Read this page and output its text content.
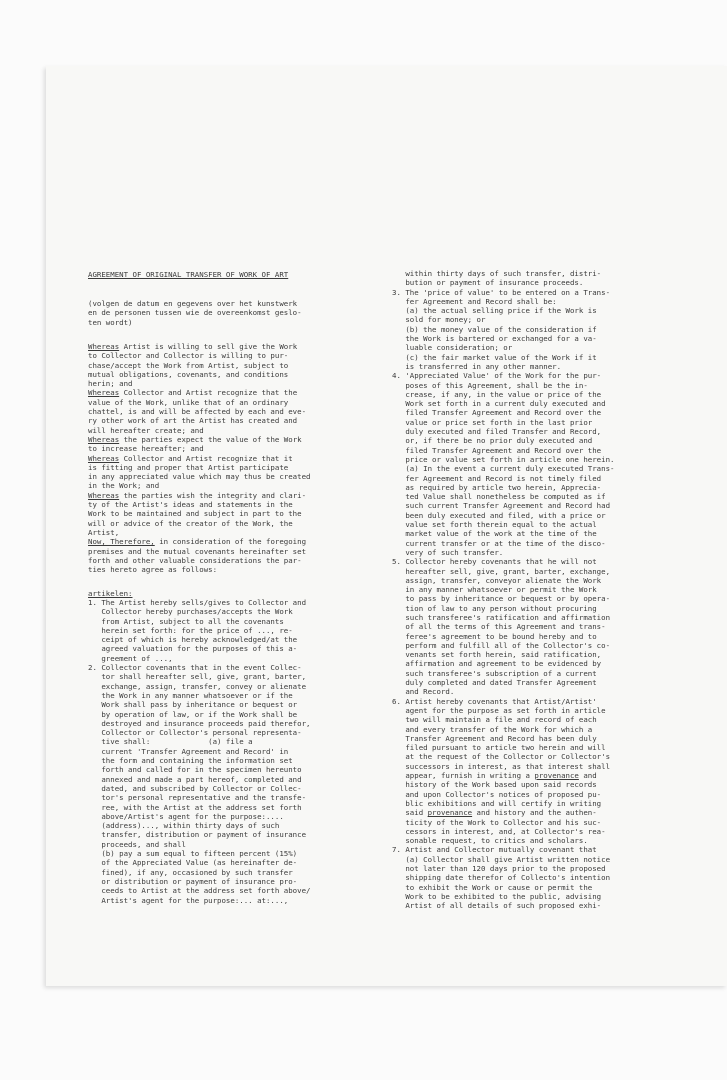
AGREEMENT OF ORIGINAL TRANSFER OF WORK OF ART
(volgen de datum en gegevens over het kunstwerk
en de personen tussen wie de overeenkomst geslo-
ten wordt)
Whereas Artist is willing to sell give the Work
to Collector and Collector is willing to pur-
chase/accept the Work from Artist, subject to
mutual obligations, covenants, and conditions
herin; and
Whereas Collector and Artist recognize that the
value of the Work, unlike that of an ordinary
chattel, is and will be affected by each and eve-
ry other work of art the Artist has created and
will hereafter create; and
Whereas the parties expect the value of the Work
to increase hereafter; and
Whereas Collector and Artist recognize that it
is fitting and proper that Artist participate
in any appreciated value which may thus be created
in the Work; and
Whereas the parties wish the integrity and clari-
ty of the Artist's ideas and statements in the
Work to be maintained and subject in part to the
will or advice of the creator of the Work, the
Artist,
Now, Therefore, in consideration of the foregoing
premises and the mutual covenants hereinafter set
forth and other valuable considerations the par-
ties hereto agree as follows:
artikelen:
1. The Artist hereby sells/gives to Collector and
Collector hereby purchases/accepts the Work
from Artist, subject to all the covenants
herein set forth: for the price of ..., re-
ceipt of which is hereby acknowledged/at the
agreed valuation for the purposes of this a-
greement of ...,
2. Collector covenants that in the event Collec-
tor shall hereafter sell, give, grant, barter,
exchange, assign, transfer, convey or alienate
the Work in any manner whatsoever or if the
Work shall pass by inheritance or bequest or
by operation of law, or if the Work shall be
destroyed and insurance proceeds paid therefor,
Collector or Collector's personal representa-
tive shall:             (a) file a
current 'Transfer Agreement and Record' in
the form and containing the information set
forth and called for in the specimen hereunto
annexed and made a part hereof, completed and
dated, and subscribed by Collector or Collec-
tor's personal representative and the transfe-
ree, with the Artist at the address set forth
above/Artist's agent for the purpose:....
(address)..., within thirty days of such
transfer, distribution or payment of insurance
proceeds, and shall
(b) pay a sum equal to fifteen percent (15%)
of the Appreciated Value (as hereinafter de-
fined), if any, occasioned by such transfer
or distribution or payment of insurance pro-
ceeds to Artist at the address set forth above/
Artist's agent for the purpose:... at:...,
within thirty days of such transfer, distri-
bution or payment of insurance proceeds.
3. The 'price of value' to be entered on a Trans-
fer Agreement and Record shall be:
(a) the actual selling price if the Work is
sold for money; or
(b) the money value of the consideration if
the Work is bartered or exchanged for a va-
luable consideration; or
(c) the fair market value of the Work if it
is transferred in any other manner.
4. 'Appreciated Value' of the Work for the pur-
poses of this Agreement, shall be the in-
crease, if any, in the value or price of the
Work set forth in a current duly executed and
filed Transfer Agreement and Record over the
value or price set forth in the last prior
duly executed and filed Transfer and Record,
or, if there be no prior duly executed and
filed Transfer Agreement and Record over the
price or value set forth in article one herein.
(a) In the event a current duly executed Trans-
fer Agreement and Record is not timely filed
as required by article two herein, Apprecia-
ted Value shall nonetheless be computed as if
such current Transfer Agreement and Record had
been duly executed and filed, with a price or
value set forth therein equal to the actual
market value of the work at the time of the
current transfer or at the time of the disco-
very of such transfer.
5. Collector hereby covenants that he will not
hereafter sell, give, grant, barter, exchange,
assign, transfer, conveyor alienate the Work
in any manner whatsoever or permit the Work
to pass by inheritance or bequest or by opera-
tion of law to any person without procuring
such transferee's ratification and affirmation
of all the terms of this Agreement and trans-
feree's agreement to be bound hereby and to
perform and fulfill all of the Collector's co-
venants set forth herein, said ratification,
affirmation and agreement to be evidenced by
such transferee's subscription of a current
duly completed and dated Transfer Agreement
and Record.
6. Artist hereby covenants that Artist/Artist'
agent for the purpose as set forth in article
two will maintain a file and record of each
and every transfer of the Work for which a
Transfer Agreement and Record has been duly
filed pursuant to article two herein and will
at the request of the Collector or Collector's
successors in interest, as that interest shall
appear, furnish in writing a provenance and
history of the Work based upon said records
and upon Collector's notices of proposed pu-
blic exhibitions and will certify in writing
said provenance and history and the authen-
ticity of the Work to Collector and his suc-
cessors in interest, and, at Collector's rea-
sonable request, to critics and scholars.
7. Artist and Collector mutually covenant that
(a) Collector shall give Artist written notice
not later than 120 days prior to the proposed
shipping date therefor of Collecto's intention
to exhibit the Work or cause or permit the
Work to be exhibited to the public, advising
Artist of all details of such proposed exhi-
